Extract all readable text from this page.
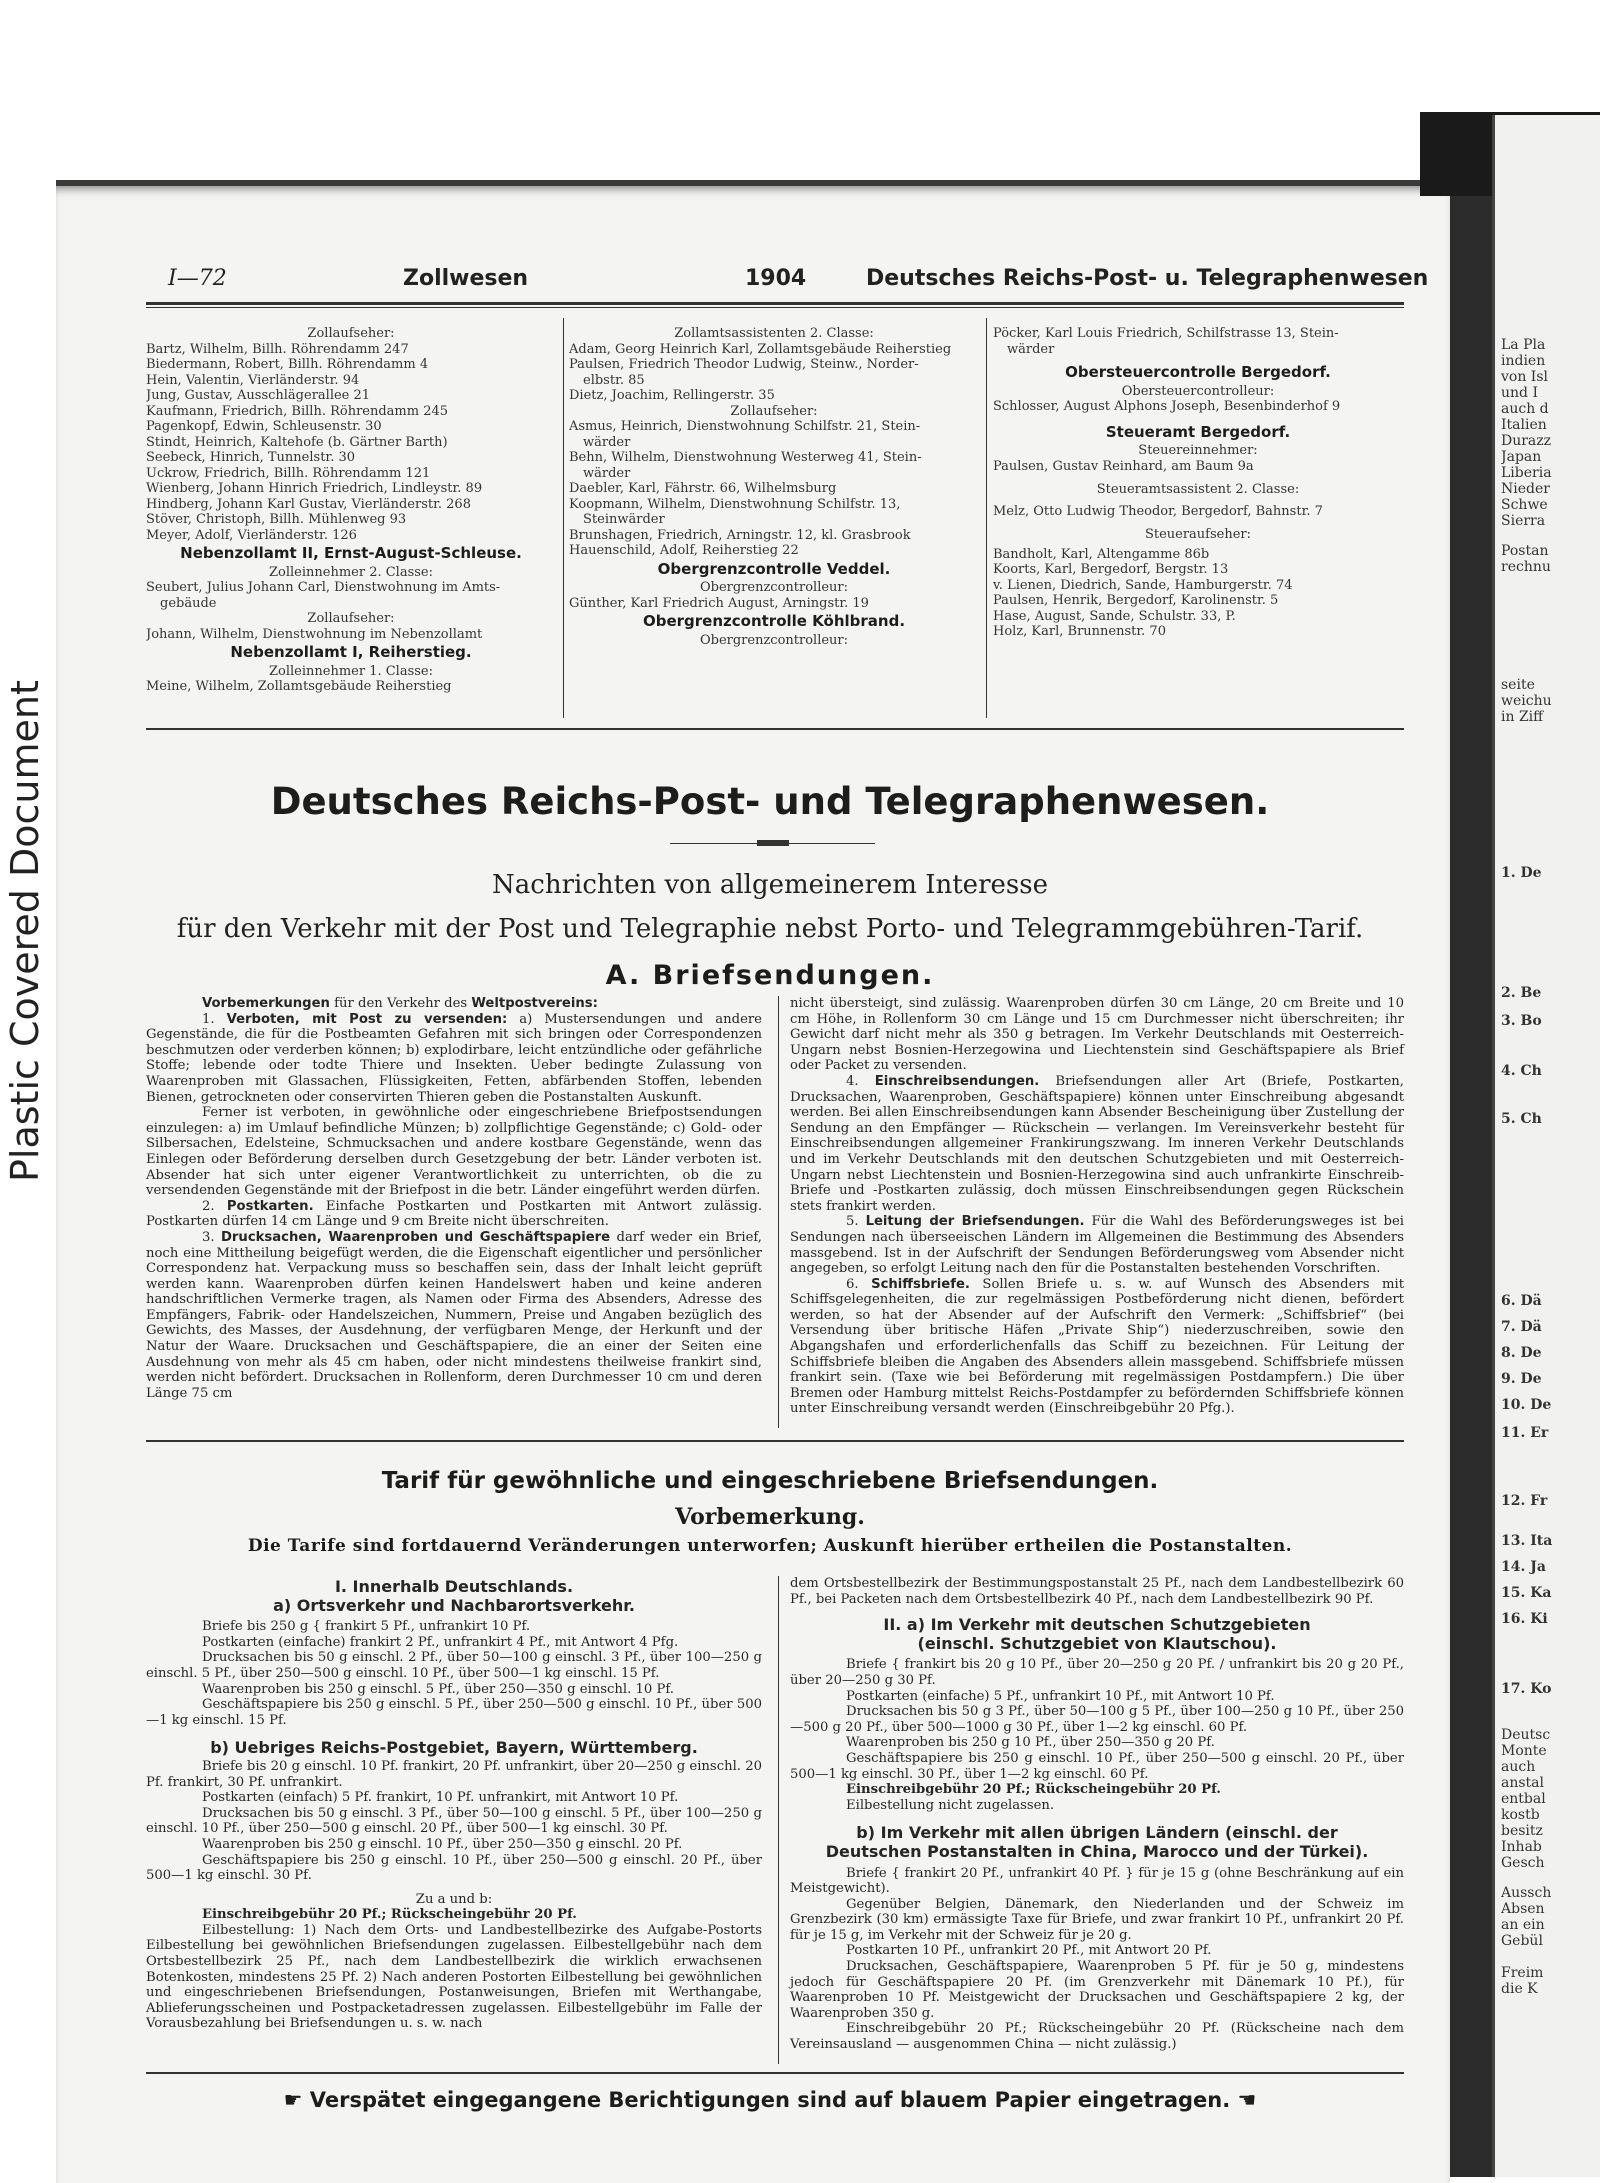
Plastic Covered Document
La Pla
indien
von Isl
und I
auch d
Italien
Durazz
Japan
Liberia
Nieder
Schwe
Sierra
Postan
rechnu
seite
weichu
in Ziff
1. De
2. Be
3. Bo
4. Ch
5. Ch
6. Dä
7. Dä
8. De
9. De
10. De
11. Er
12. Fr
13. Ita
14. Ja
15. Ka
16. Ki
17. Ko
Deutsc
Monte
auch
anstal
entbal
kostb
besitz
Inhab
Gesch
Aussch
Absen
an ein
Gebül
Freim
die K
I—72	Zollwesen	1904	Deutsches Reichs-Post- u. Telegraphenwesen
Zollaufseher:
Bartz, Wilhelm, Billh. Röhrendamm 247
Biedermann, Robert, Billh. Röhrendamm 4
Hein, Valentin, Vierländerstr. 94
Jung, Gustav, Ausschlägerallee 21
Kaufmann, Friedrich, Billh. Röhrendamm 245
Pagenkopf, Edwin, Schleusenstr. 30
Stindt, Heinrich, Kaltehofe (b. Gärtner Barth)
Seebeck, Hinrich, Tunnelstr. 30
Uckrow, Friedrich, Billh. Röhrendamm 121
Wienberg, Johann Hinrich Friedrich, Lindleystr. 89
Hindberg, Johann Karl Gustav, Vierländerstr. 268
Stöver, Christoph, Billh. Mühlenweg 93
Meyer, Adolf, Vierländerstr. 126
Nebenzollamt II, Ernst-August-Schleuse.
Zolleinnehmer 2. Classe:
Seubert, Julius Johann Carl, Dienstwohnung im Amts-
gebäude
Zollaufseher:
Johann, Wilhelm, Dienstwohnung im Nebenzollamt
Nebenzollamt I, Reiherstieg.
Zolleinnehmer 1. Classe:
Meine, Wilhelm, Zollamtsgebäude Reiherstieg
Zollamtsassistenten 2. Classe:
Adam, Georg Heinrich Karl, Zollamtsgebäude Reiherstieg
Paulsen, Friedrich Theodor Ludwig, Steinw., Norder-
elbstr. 85
Dietz, Joachim, Rellingerstr. 35
Zollaufseher:
Asmus, Heinrich, Dienstwohnung Schilfstr. 21, Stein-
wärder
Behn, Wilhelm, Dienstwohnung Westerweg 41, Stein-
wärder
Daebler, Karl, Fährstr. 66, Wilhelmsburg
Koopmann, Wilhelm, Dienstwohnung Schilfstr. 13,
Steinwärder
Brunshagen, Friedrich, Arningstr. 12, kl. Grasbrook
Hauenschild, Adolf, Reiherstieg 22
Obergrenzcontrolle Veddel.
Obergrenzcontrolleur:
Günther, Karl Friedrich August, Arningstr. 19
Obergrenzcontrolle Köhlbrand.
Obergrenzcontrolleur:
Pöcker, Karl Louis Friedrich, Schilfstrasse 13, Stein-
wärder
Obersteuercontrolle Bergedorf.
Obersteuercontrolleur:
Schlosser, August Alphons Joseph, Besenbinderhof 9
Steueramt Bergedorf.
Steuereinnehmer:
Paulsen, Gustav Reinhard, am Baum 9a
Steueramtsassistent 2. Classe:
Melz, Otto Ludwig Theodor, Bergedorf, Bahnstr. 7
Steueraufseher:
Bandholt, Karl, Altengamme 86b
Koorts, Karl, Bergedorf, Bergstr. 13
v. Lienen, Diedrich, Sande, Hamburgerstr. 74
Paulsen, Henrik, Bergedorf, Karolinenstr. 5
Hase, August, Sande, Schulstr. 33, P.
Holz, Karl, Brunnenstr. 70
Deutsches Reichs-Post- und Telegraphenwesen.
Nachrichten von allgemeinerem Interesse
für den Verkehr mit der Post und Telegraphie nebst Porto- und Telegrammgebühren-Tarif.
A. Briefsendungen.

Vorbemerkungen für den Verkehr des Weltpostvereins:

1. Verboten, mit Post zu versenden: a) Mustersendungen und andere Gegenstände, die für die Postbeamten Gefahren mit sich bringen oder Correspondenzen beschmutzen oder verderben können; b) explodirbare, leicht entzündliche oder gefährliche Stoffe; lebende oder todte Thiere und Insekten. Ueber bedingte Zulassung von Waarenproben mit Glassachen, Flüssigkeiten, Fetten, abfärbenden Stoffen, lebenden Bienen, getrockneten oder conservirten Thieren geben die Postanstalten Auskunft.

Ferner ist verboten, in gewöhnliche oder eingeschriebene Briefpostsendungen einzulegen: a) im Umlauf befindliche Münzen; b) zollpflichtige Gegenstände; c) Gold- oder Silbersachen, Edelsteine, Schmucksachen und andere kostbare Gegenstände, wenn das Einlegen oder Beförderung derselben durch Gesetzgebung der betr. Länder verboten ist. Absender hat sich unter eigener Verantwortlichkeit zu unterrichten, ob die zu versendenden Gegenstände mit der Briefpost in die betr. Länder eingeführt werden dürfen.

2. Postkarten. Einfache Postkarten und Postkarten mit Antwort zulässig. Postkarten dürfen 14 cm Länge und 9 cm Breite nicht überschreiten.

3. Drucksachen, Waarenproben und Geschäftspapiere darf weder ein Brief, noch eine Mittheilung beigefügt werden, die die Eigenschaft eigentlicher und persönlicher Correspondenz hat. Verpackung muss so beschaffen sein, dass der Inhalt leicht geprüft werden kann. Waarenproben dürfen keinen Handelswert haben und keine anderen handschriftlichen Vermerke tragen, als Namen oder Firma des Absenders, Adresse des Empfängers, Fabrik- oder Handelszeichen, Nummern, Preise und Angaben bezüglich des Gewichts, des Masses, der Ausdehnung, der verfügbaren Menge, der Herkunft und der Natur der Waare. Drucksachen und Geschäftspapiere, die an einer der Seiten eine Ausdehnung von mehr als 45 cm haben, oder nicht mindestens theilweise frankirt sind, werden nicht befördert. Drucksachen in Rollenform, deren Durchmesser 10 cm und deren Länge 75 cm

nicht übersteigt, sind zulässig. Waarenproben dürfen 30 cm Länge, 20 cm Breite und 10 cm Höhe, in Rollenform 30 cm Länge und 15 cm Durchmesser nicht überschreiten; ihr Gewicht darf nicht mehr als 350 g betragen. Im Verkehr Deutschlands mit Oesterreich-Ungarn nebst Bosnien-Herzegowina und Liechtenstein sind Geschäftspapiere als Brief oder Packet zu versenden.

4. Einschreibsendungen. Briefsendungen aller Art (Briefe, Postkarten, Drucksachen, Waarenproben, Geschäftspapiere) können unter Einschreibung abgesandt werden. Bei allen Einschreibsendungen kann Absender Bescheinigung über Zustellung der Sendung an den Empfänger — Rückschein — verlangen. Im Vereinsverkehr besteht für Einschreibsendungen allgemeiner Frankirungszwang. Im inneren Verkehr Deutschlands und im Verkehr Deutschlands mit den deutschen Schutzgebieten und mit Oesterreich-Ungarn nebst Liechtenstein und Bosnien-Herzegowina sind auch unfrankirte Einschreib-Briefe und -Postkarten zulässig, doch müssen Einschreibsendungen gegen Rückschein stets frankirt werden.

5. Leitung der Briefsendungen. Für die Wahl des Beförderungsweges ist bei Sendungen nach überseeischen Ländern im Allgemeinen die Bestimmung des Absenders massgebend. Ist in der Aufschrift der Sendungen Beförderungsweg vom Absender nicht angegeben, so erfolgt Leitung nach den für die Postanstalten bestehenden Vorschriften.

6. Schiffsbriefe. Sollen Briefe u. s. w. auf Wunsch des Absenders mit Schiffsgelegenheiten, die zur regelmässigen Postbeförderung nicht dienen, befördert werden, so hat der Absender auf der Aufschrift den Vermerk: „Schiffsbrief“ (bei Versendung über britische Häfen „Private Ship“) niederzuschreiben, sowie den Abgangshafen und erforderlichenfalls das Schiff zu bezeichnen. Für Leitung der Schiffsbriefe bleiben die Angaben des Absenders allein massgebend. Schiffsbriefe müssen frankirt sein. (Taxe wie bei Beförderung mit regelmässigen Postdampfern.) Die über Bremen oder Hamburg mittelst Reichs-Postdampfer zu befördernden Schiffsbriefe können unter Einschreibung versandt werden (Einschreibgebühr 20 Pfg.).

Tarif für gewöhnliche und eingeschriebene Briefsendungen.
Vorbemerkung.
Die Tarife sind fortdauernd Veränderungen unterworfen; Auskunft hierüber ertheilen die Postanstalten.
I. Innerhalb Deutschlands.
a) Ortsverkehr und Nachbarortsverkehr.

Briefe bis 250 g { frankirt 5 Pf., unfrankirt 10 Pf.

Postkarten (einfache) frankirt 2 Pf., unfrankirt 4 Pf., mit Antwort 4 Pfg.

Drucksachen bis 50 g einschl. 2 Pf., über 50—100 g einschl. 3 Pf., über 100—250 g einschl. 5 Pf., über 250—500 g einschl. 10 Pf., über 500—1 kg einschl. 15 Pf.

Waarenproben bis 250 g einschl. 5 Pf., über 250—350 g einschl. 10 Pf.

Geschäftspapiere bis 250 g einschl. 5 Pf., über 250—500 g einschl. 10 Pf., über 500—1 kg einschl. 15 Pf.

b) Uebriges Reichs-Postgebiet, Bayern, Württemberg.

Briefe bis 20 g einschl. 10 Pf. frankirt, 20 Pf. unfrankirt, über 20—250 g einschl. 20 Pf. frankirt, 30 Pf. unfrankirt.

Postkarten (einfach) 5 Pf. frankirt, 10 Pf. unfrankirt, mit Antwort 10 Pf.

Drucksachen bis 50 g einschl. 3 Pf., über 50—100 g einschl. 5 Pf., über 100—250 g einschl. 10 Pf., über 250—500 g einschl. 20 Pf., über 500—1 kg einschl. 30 Pf.

Waarenproben bis 250 g einschl. 10 Pf., über 250—350 g einschl. 20 Pf.

Geschäftspapiere bis 250 g einschl. 10 Pf., über 250—500 g einschl. 20 Pf., über 500—1 kg einschl. 30 Pf.

Zu a und b:

Einschreibgebühr 20 Pf.; Rückscheingebühr 20 Pf.

Eilbestellung: 1) Nach dem Orts- und Landbestellbezirke des Aufgabe-Postorts Eilbestellung bei gewöhnlichen Briefsendungen zugelassen. Eilbestellgebühr nach dem Ortsbestellbezirk 25 Pf., nach dem Landbestellbezirk die wirklich erwachsenen Botenkosten, mindestens 25 Pf. 2) Nach anderen Postorten Eilbestellung bei gewöhnlichen und eingeschriebenen Briefsendungen, Postanweisungen, Briefen mit Werthangabe, Ablieferungsscheinen und Postpacketadressen zugelassen. Eilbestellgebühr im Falle der Vorausbezahlung bei Briefsendungen u. s. w. nach

dem Ortsbestellbezirk der Bestimmungspostanstalt 25 Pf., nach dem Landbestellbezirk 60 Pf., bei Packeten nach dem Ortsbestellbezirk 40 Pf., nach dem Landbestellbezirk 90 Pf.

II. a) Im Verkehr mit deutschen Schutzgebieten
(einschl. Schutzgebiet von Klautschou).

Briefe { frankirt bis 20 g 10 Pf., über 20—250 g 20 Pf. / unfrankirt bis 20 g 20 Pf., über 20—250 g 30 Pf.

Postkarten (einfache) 5 Pf., unfrankirt 10 Pf., mit Antwort 10 Pf.

Drucksachen bis 50 g 3 Pf., über 50—100 g 5 Pf., über 100—250 g 10 Pf., über 250—500 g 20 Pf., über 500—1000 g 30 Pf., über 1—2 kg einschl. 60 Pf.

Waarenproben bis 250 g 10 Pf., über 250—350 g 20 Pf.

Geschäftspapiere bis 250 g einschl. 10 Pf., über 250—500 g einschl. 20 Pf., über 500—1 kg einschl. 30 Pf., über 1—2 kg einschl. 60 Pf.

Einschreibgebühr 20 Pf.; Rückscheingebühr 20 Pf.

Eilbestellung nicht zugelassen.

b) Im Verkehr mit allen übrigen Ländern (einschl. der
Deutschen Postanstalten in China, Marocco und der Türkei).

Briefe { frankirt 20 Pf., unfrankirt 40 Pf. } für je 15 g (ohne Beschränkung auf ein Meistgewicht).

Gegenüber Belgien, Dänemark, den Niederlanden und der Schweiz im Grenzbezirk (30 km) ermässigte Taxe für Briefe, und zwar frankirt 10 Pf., unfrankirt 20 Pf. für je 15 g, im Verkehr mit der Schweiz für je 20 g.

Postkarten 10 Pf., unfrankirt 20 Pf., mit Antwort 20 Pf.

Drucksachen, Geschäftspapiere, Waarenproben 5 Pf. für je 50 g, mindestens jedoch für Geschäftspapiere 20 Pf. (im Grenzverkehr mit Dänemark 10 Pf.), für Waarenproben 10 Pf. Meistgewicht der Drucksachen und Geschäftspapiere 2 kg, der Waarenproben 350 g.

Einschreibgebühr 20 Pf.; Rückscheingebühr 20 Pf. (Rückscheine nach dem Vereinsausland — ausgenommen China — nicht zulässig.)

☛ Verspätet eingegangene Berichtigungen sind auf blauem Papier eingetragen. ☚
